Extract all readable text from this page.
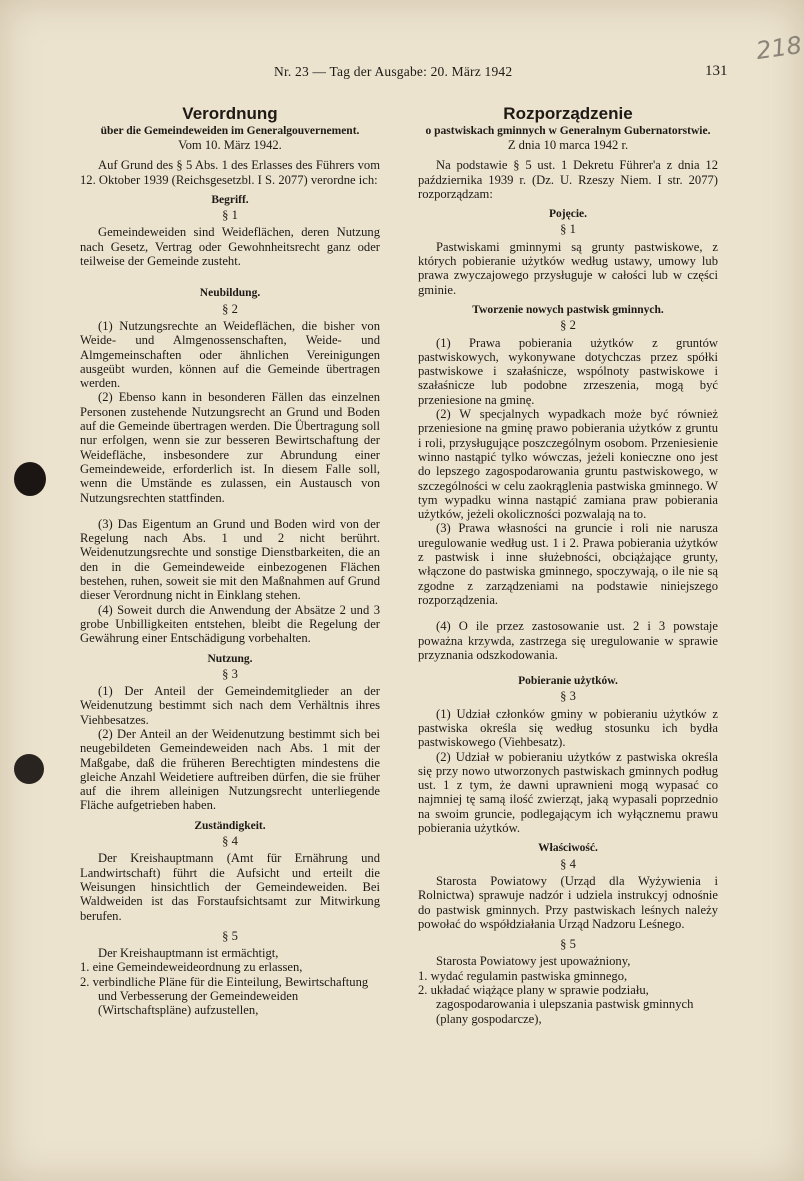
Nr. 23 — Tag der Ausgabe: 20. März 1942	131
218
Verordnung
über die Gemeindeweiden im Generalgouvernement.
Vom 10. März 1942.

Auf Grund des § 5 Abs. 1 des Erlasses des Führers vom 12. Oktober 1939 (Reichsgesetzbl. I S. 2077) verordne ich:

Begriff.
§ 1

Gemeindeweiden sind Weideflächen, deren Nutzung nach Gesetz, Vertrag oder Gewohnheitsrecht ganz oder teilweise der Gemeinde zusteht.

Neubildung.
§ 2

(1) Nutzungsrechte an Weideflächen, die bisher von Weide- und Almgenossenschaften, Weide- und Almgemeinschaften oder ähnlichen Vereinigungen ausgeübt wurden, können auf die Gemeinde übertragen werden.

(2) Ebenso kann in besonderen Fällen das einzelnen Personen zustehende Nutzungsrecht an Grund und Boden auf die Gemeinde übertragen werden. Die Übertragung soll nur erfolgen, wenn sie zur besseren Bewirtschaftung der Weidefläche, insbesondere zur Abrundung einer Gemeindeweide, erforderlich ist. In diesem Falle soll, wenn die Umstände es zulassen, ein Austausch von Nutzungsrechten stattfinden.

(3) Das Eigentum an Grund und Boden wird von der Regelung nach Abs. 1 und 2 nicht berührt. Weidenutzungsrechte und sonstige Dienstbarkeiten, die an den in die Gemeindeweide einbezogenen Flächen bestehen, ruhen, soweit sie mit den Maßnahmen auf Grund dieser Verordnung nicht in Einklang stehen.

(4) Soweit durch die Anwendung der Absätze 2 und 3 grobe Unbilligkeiten entstehen, bleibt die Regelung der Gewährung einer Entschädigung vorbehalten.

Nutzung.
§ 3

(1) Der Anteil der Gemeindemitglieder an der Weidenutzung bestimmt sich nach dem Verhältnis ihres Viehbesatzes.

(2) Der Anteil an der Weidenutzung bestimmt sich bei neugebildeten Gemeindeweiden nach Abs. 1 mit der Maßgabe, daß die früheren Berechtigten mindestens die gleiche Anzahl Weidetiere auftreiben dürfen, die sie früher auf die ihrem alleinigen Nutzungsrecht unterliegende Fläche aufgetrieben haben.

Zuständigkeit.
§ 4

Der Kreishauptmann (Amt für Ernährung und Landwirtschaft) führt die Aufsicht und erteilt die Weisungen hinsichtlich der Gemeindeweiden. Bei Waldweiden ist das Forstaufsichtsamt zur Mitwirkung berufen.

§ 5

Der Kreishauptmann ist ermächtigt,

1. eine Gemeindeweideordnung zu erlassen,
2. verbindliche Pläne für die Einteilung, Bewirtschaftung und Verbesserung der Gemeindeweiden (Wirtschaftspläne) aufzustellen,
Rozporządzenie
o pastwiskach gminnych w Generalnym Gubernatorstwie.
Z dnia 10 marca 1942 r.

Na podstawie § 5 ust. 1 Dekretu Führer'a z dnia 12 października 1939 r. (Dz. U. Rzeszy Niem. I str. 2077) rozporządzam:

Pojęcie.
§ 1

Pastwiskami gminnymi są grunty pastwiskowe, z których pobieranie użytków według ustawy, umowy lub prawa zwyczajowego przysługuje w całości lub w części gminie.

Tworzenie nowych pastwisk gminnych.
§ 2

(1) Prawa pobierania użytków z gruntów pastwiskowych, wykonywane dotychczas przez spółki pastwiskowe i szałaśnicze, wspólnoty pastwiskowe i szałaśnicze lub podobne zrzeszenia, mogą być przeniesione na gminę.

(2) W specjalnych wypadkach może być również przeniesione na gminę prawo pobierania użytków z gruntu i roli, przysługujące poszczególnym osobom. Przeniesienie winno nastąpić tylko wówczas, jeżeli konieczne ono jest do lepszego zagospodarowania gruntu pastwiskowego, w szczególności w celu zaokrąglenia pastwiska gminnego. W tym wypadku winna nastąpić zamiana praw pobierania użytków, jeżeli okoliczności pozwalają na to.

(3) Prawa własności na gruncie i roli nie narusza uregulowanie według ust. 1 i 2. Prawa pobierania użytków z pastwisk i inne służebności, obciążające grunty, włączone do pastwiska gminnego, spoczywają, o ile nie są zgodne z zarządzeniami na podstawie niniejszego rozporządzenia.

(4) O ile przez zastosowanie ust. 2 i 3 powstaje poważna krzywda, zastrzega się uregulowanie w sprawie przyznania odszkodowania.

Pobieranie użytków.
§ 3

(1) Udział członków gminy w pobieraniu użytków z pastwiska określa się według stosunku ich bydła pastwiskowego (Viehbesatz).

(2) Udział w pobieraniu użytków z pastwiska określa się przy nowo utworzonych pastwiskach gminnych podług ust. 1 z tym, że dawni uprawnieni mogą wypasać co najmniej tę samą ilość zwierząt, jaką wypasali poprzednio na swoim gruncie, podlegającym ich wyłącznemu prawu pobierania użytków.

Właściwość.
§ 4

Starosta Powiatowy (Urząd dla Wyżywienia i Rolnictwa) sprawuje nadzór i udziela instrukcyj odnośnie do pastwisk gminnych. Przy pastwiskach leśnych należy powołać do współdziałania Urząd Nadzoru Leśnego.

§ 5

Starosta Powiatowy jest upoważniony,

1. wydać regulamin pastwiska gminnego,
2. układać wiążące plany w sprawie podziału, zagospodarowania i ulepszania pastwisk gminnych (plany gospodarcze),
